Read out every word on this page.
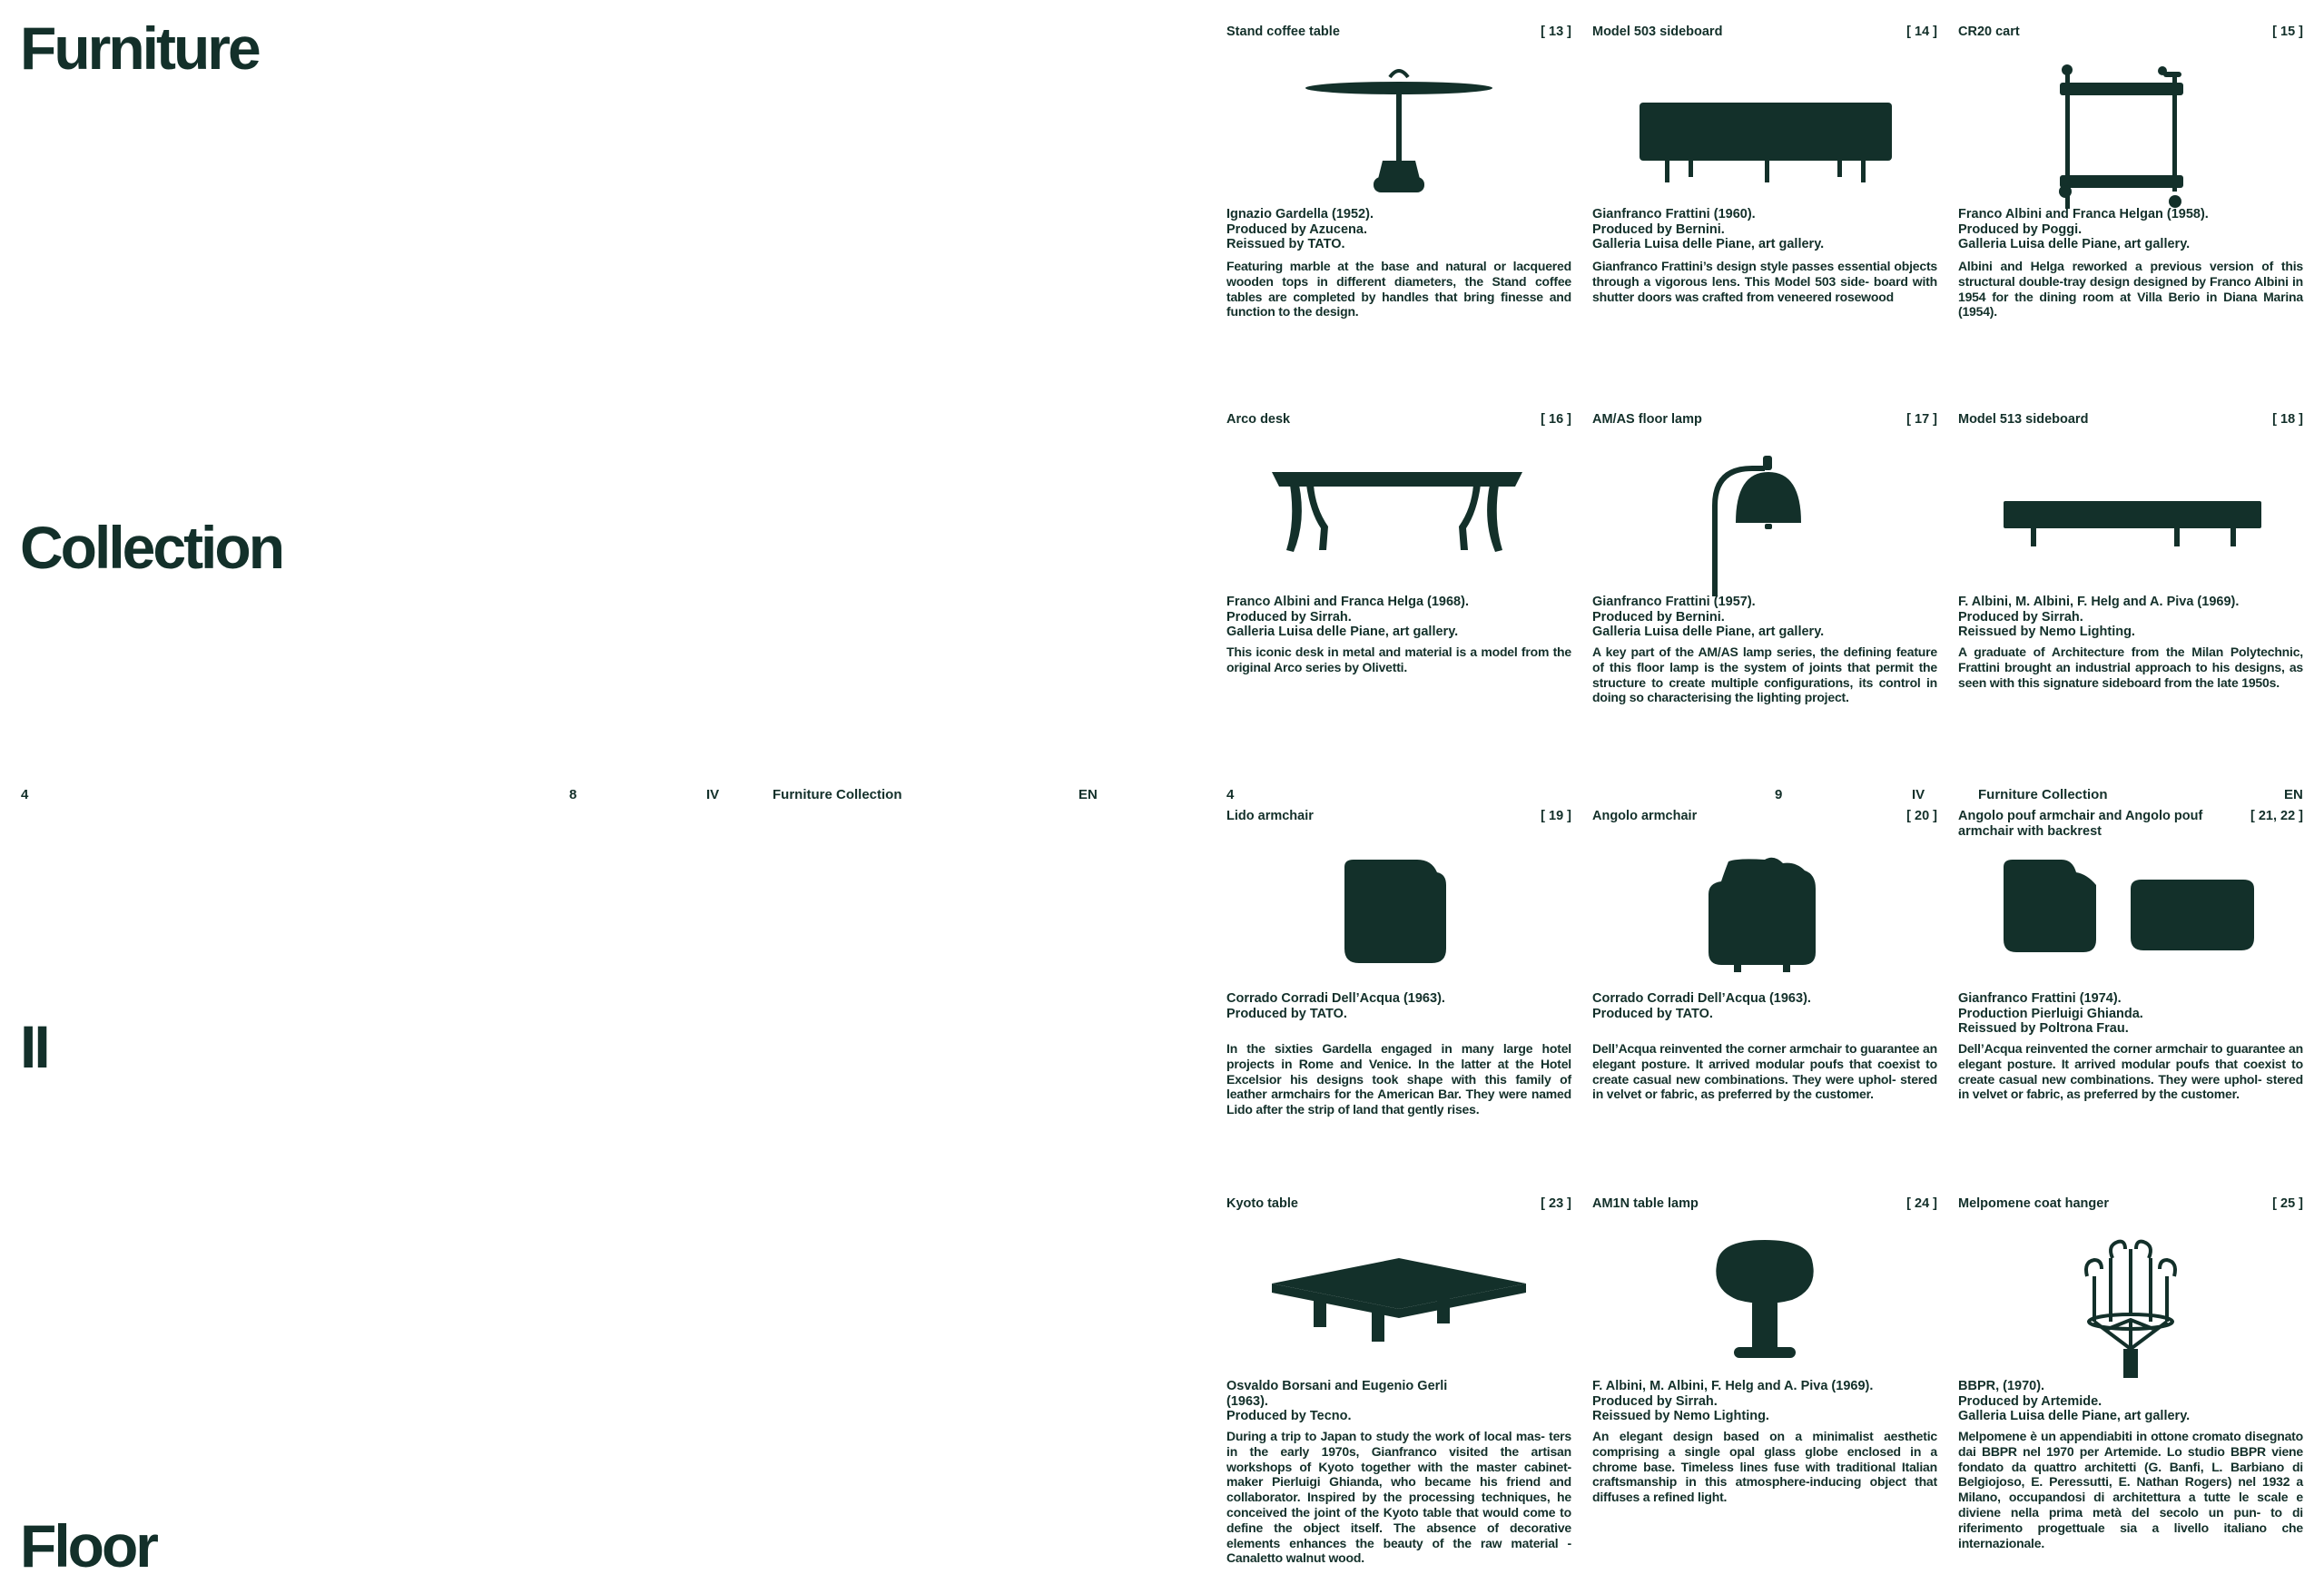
Furniture
Collection
II
Floor
4	8	IV	Furniture Collection	EN	4	9	IV	Furniture Collection	EN
Stand coffee table	[ 13 ]
Ignazio Gardella (1952).
Produced by Azucena.
Reissued by TATO.
Featuring marble at the base and natural or lacquered wooden tops in different diameters, the Stand coffee tables are completed by handles that bring finesse and function to the design.
Model 503 sideboard	[ 14 ]
Gianfranco Frattini (1960).
Produced by Bernini.
Galleria Luisa delle Piane, art gallery.
Gianfranco Frattini’s design style passes essential objects through a vigorous lens. This Model 503 side- board with shutter doors was crafted from veneered rosewood
CR20 cart	[ 15 ]
Franco Albini and Franca Helgan (1958).
Produced by Poggi.
Galleria Luisa delle Piane, art gallery.
Albini and Helga reworked a previous version of this structural double-tray design designed by Franco Albini in 1954 for the dining room at Villa Berio in Diana Marina (1954).
Arco desk	[ 16 ]
Franco Albini and Franca Helga (1968).
Produced by Sirrah.
Galleria Luisa delle Piane, art gallery.
This iconic desk in metal and material is a model from the original Arco series by Olivetti.
AM/AS floor lamp	[ 17 ]
Gianfranco Frattini (1957).
Produced by Bernini.
Galleria Luisa delle Piane, art gallery.
A key part of the AM/AS lamp series, the defining feature of this floor lamp is the system of joints that permit the structure to create multiple configurations, its control in doing so characterising the lighting project.
Model 513 sideboard	[ 18 ]
F. Albini, M. Albini, F. Helg and A. Piva (1969).
Produced by Sirrah.
Reissued by Nemo Lighting.
A graduate of Architecture from the Milan Polytechnic, Frattini brought an industrial approach to his designs, as seen with this signature sideboard from the late 1950s.
Lido armchair	[ 19 ]
Corrado Corradi Dell’Acqua (1963).
Produced by TATO.
In the sixties Gardella engaged in many large hotel projects in Rome and Venice. In the latter at the Hotel Excelsior his designs took shape with this family of leather armchairs for the American Bar. They were named Lido after the strip of land that gently rises.
Angolo armchair	[ 20 ]
Corrado Corradi Dell’Acqua (1963).
Produced by TATO.
Dell’Acqua reinvented the corner armchair to guarantee an elegant posture. It arrived modular poufs that coexist to create casual new combinations. They were uphol- stered in velvet or fabric, as preferred by the customer.
Angolo pouf armchair and Angolo pouf armchair with backrest
[ 21, 22 ]
Gianfranco Frattini (1974).
Production Pierluigi Ghianda.
Reissued by Poltrona Frau.
Dell’Acqua reinvented the corner armchair to guarantee an elegant posture. It arrived modular poufs that coexist to create casual new combinations. They were uphol- stered in velvet or fabric, as preferred by the customer.
Kyoto table	[ 23 ]
Osvaldo Borsani and Eugenio Gerli (1963).
Produced by Tecno.
During a trip to Japan to study the work of local mas- ters in the early 1970s, Gianfranco visited the artisan workshops of Kyoto together with the master cabinet- maker Pierluigi Ghianda, who became his friend and collaborator. Inspired by the processing techniques, he conceived the joint of the Kyoto table that would come to define the object itself. The absence of decorative elements enhances the beauty of the raw material - Canaletto walnut wood.
AM1N table lamp	[ 24 ]
F. Albini, M. Albini, F. Helg and A. Piva (1969).
Produced by Sirrah.
Reissued by Nemo Lighting.
An elegant design based on a minimalist aesthetic comprising a single opal glass globe enclosed in a chrome base. Timeless lines fuse with traditional Italian craftsmanship in this atmosphere-inducing object that diffuses a refined light.
Melpomene coat hanger	[ 25 ]
BBPR, (1970).
Produced by Artemide.
Galleria Luisa delle Piane, art gallery.
Melpomene è un appendiabiti in ottone cromato disegnato dai BBPR nel 1970 per Artemide. Lo studio BBPR viene fondato da quattro architetti (G. Banfi, L. Barbiano di Belgiojoso, E. Peressutti, E. Nathan Rogers) nel 1932 a Milano, occupandosi di architettura a tutte le scale e diviene nella prima metà del secolo un pun- to di riferimento progettuale sia a livello italiano che internazionale.
